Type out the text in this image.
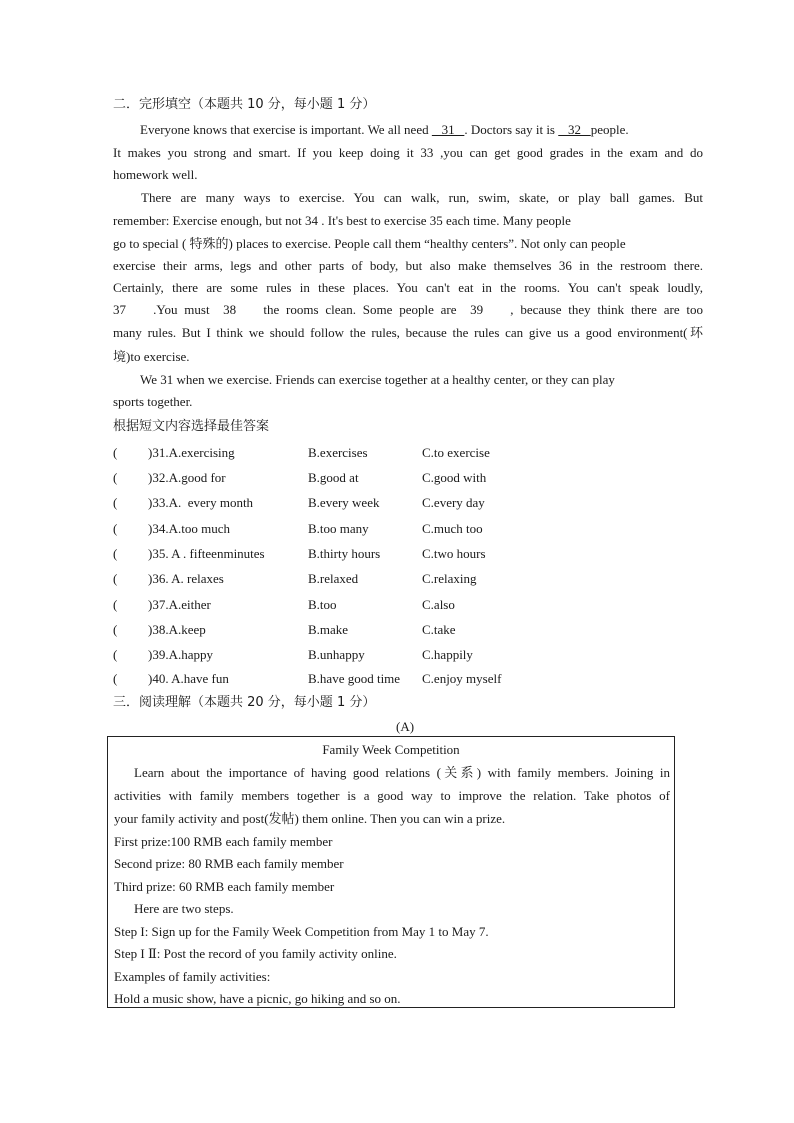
二．完形填空（本题共 10 分，每小题 1 分）
Everyone knows that exercise is important. We all need    31   . Doctors say it is    32   people.
It makes you strong and smart. If you keep doing it 33 ,you can get good grades in the exam and do
homework well.
There are many ways to exercise. You can walk, run, swim, skate, or play ball games. But
remember: Exercise enough, but not 34 . It's best to exercise 35 each time. Many people
go to special ( 特殊的) places to exercise. People call them “healthy centers”. Not only can people
exercise their arms, legs and other parts of body, but also make themselves 36 in the restroom there.
Certainly, there are some rules in these places. You can't eat in the rooms. You can't speak loudly,
37    .You must  38    the rooms clean. Some people are  39    , because they think there are too
many rules. But I think we should follow the rules, because the rules can give us a good environment(环
境)to exercise.
We 31 when we exercise. Friends can exercise together at a healthy center, or they can play
sports together.
根据短文内容选择最佳答案
( )31.A.exercising	B.exercises	C.to exercise
( )32.A.good for	B.good at	C.good with
( )33.A.  every month	B.every week	C.every day
( )34.A.too much	B.too many	C.much too
( )35. A . fifteenminutes	B.thirty hours	C.two hours
( )36. A. relaxes	B.relaxed	C.relaxing
( )37.A.either	B.too	C.also
( )38.A.keep	B.make	C.take
( )39.A.happy	B.unhappy	C.happily
( )40. A.have fun	B.have good time C.enjoy myself
三．阅读理解（本题共 20 分，每小题 1 分）
(A)
Family Week Competition
Learn about the importance of having good relations (关系) with family members. Joining in
activities with family members together is a good way to improve the relation. Take photos of
your family activity and post(发帖) them online. Then you can win a prize.
First prize:100 RMB each family member
Second prize: 80 RMB each family member
Third prize: 60 RMB each family member
Here are two steps.
Step I: Sign up for the Family Week Competition from May 1 to May 7.
Step I Ⅱ: Post the record of you family activity online.
Examples of family activities:
Hold a music show, have a picnic, go hiking and so on.
